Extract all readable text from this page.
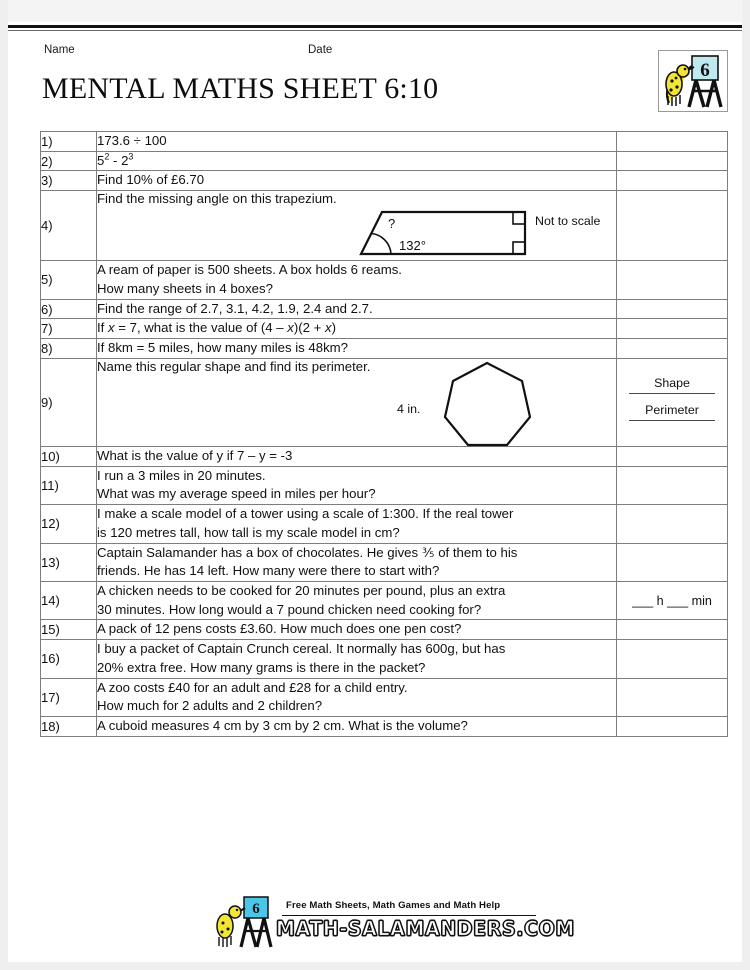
Name	Date
MENTAL MATHS SHEET 6:10
6
1)	173.6 ÷ 100	
2)	$5^2 - 2^3$	
3)	Find 10% of £6.70	
4)	Find the missing angle on this trapezium.
?
132°
Not to scale	

5)	A ream of paper is 500 sheets. A box holds 6 reams.
How many sheets in 4 boxes?	

6)	Find the range of 2.7, 3.1, 4.2, 1.9, 2.4 and 2.7.	
7)	If x = 7, what is the value of (4 – x)(2 + x)	
8)	If 8km = 5 miles, how many miles is 48km?	
9)	
Name this regular shape and find its perimeter.
4 in.

Shape
Perimeter

10)	What is the value of y if 7 – y = -3	
11)	I run a 3 miles in 20 minutes.
What was my average speed in miles per hour?	

12)	I make a scale model of a tower using a scale of 1:300. If the real tower
is 120 metres tall, how tall is my scale model in cm?	

13)	Captain Salamander has a box of chocolates. He gives ⅗ of them to his
friends. He has 14 left. How many were there to start with?	

14)	A chicken needs to be cooked for 20 minutes per pound, plus an extra
30 minutes. How long would a 7 pound chicken need cooking for?	___ h ___ min

15)	A pack of 12 pens costs £3.60. How much does one pen cost?	
16)	I buy a packet of Captain Crunch cereal. It normally has 600g, but has
20% extra free. How many grams is there in the packet?	

17)	A zoo costs £40 for an adult and £28 for a child entry.
How much for 2 adults and 2 children?	

18)	A cuboid measures 4 cm by 3 cm by 2 cm. What is the volume?	
6	Free Math Sheets, Math Games and Math Help
MATH-SALAMANDERS.COM
